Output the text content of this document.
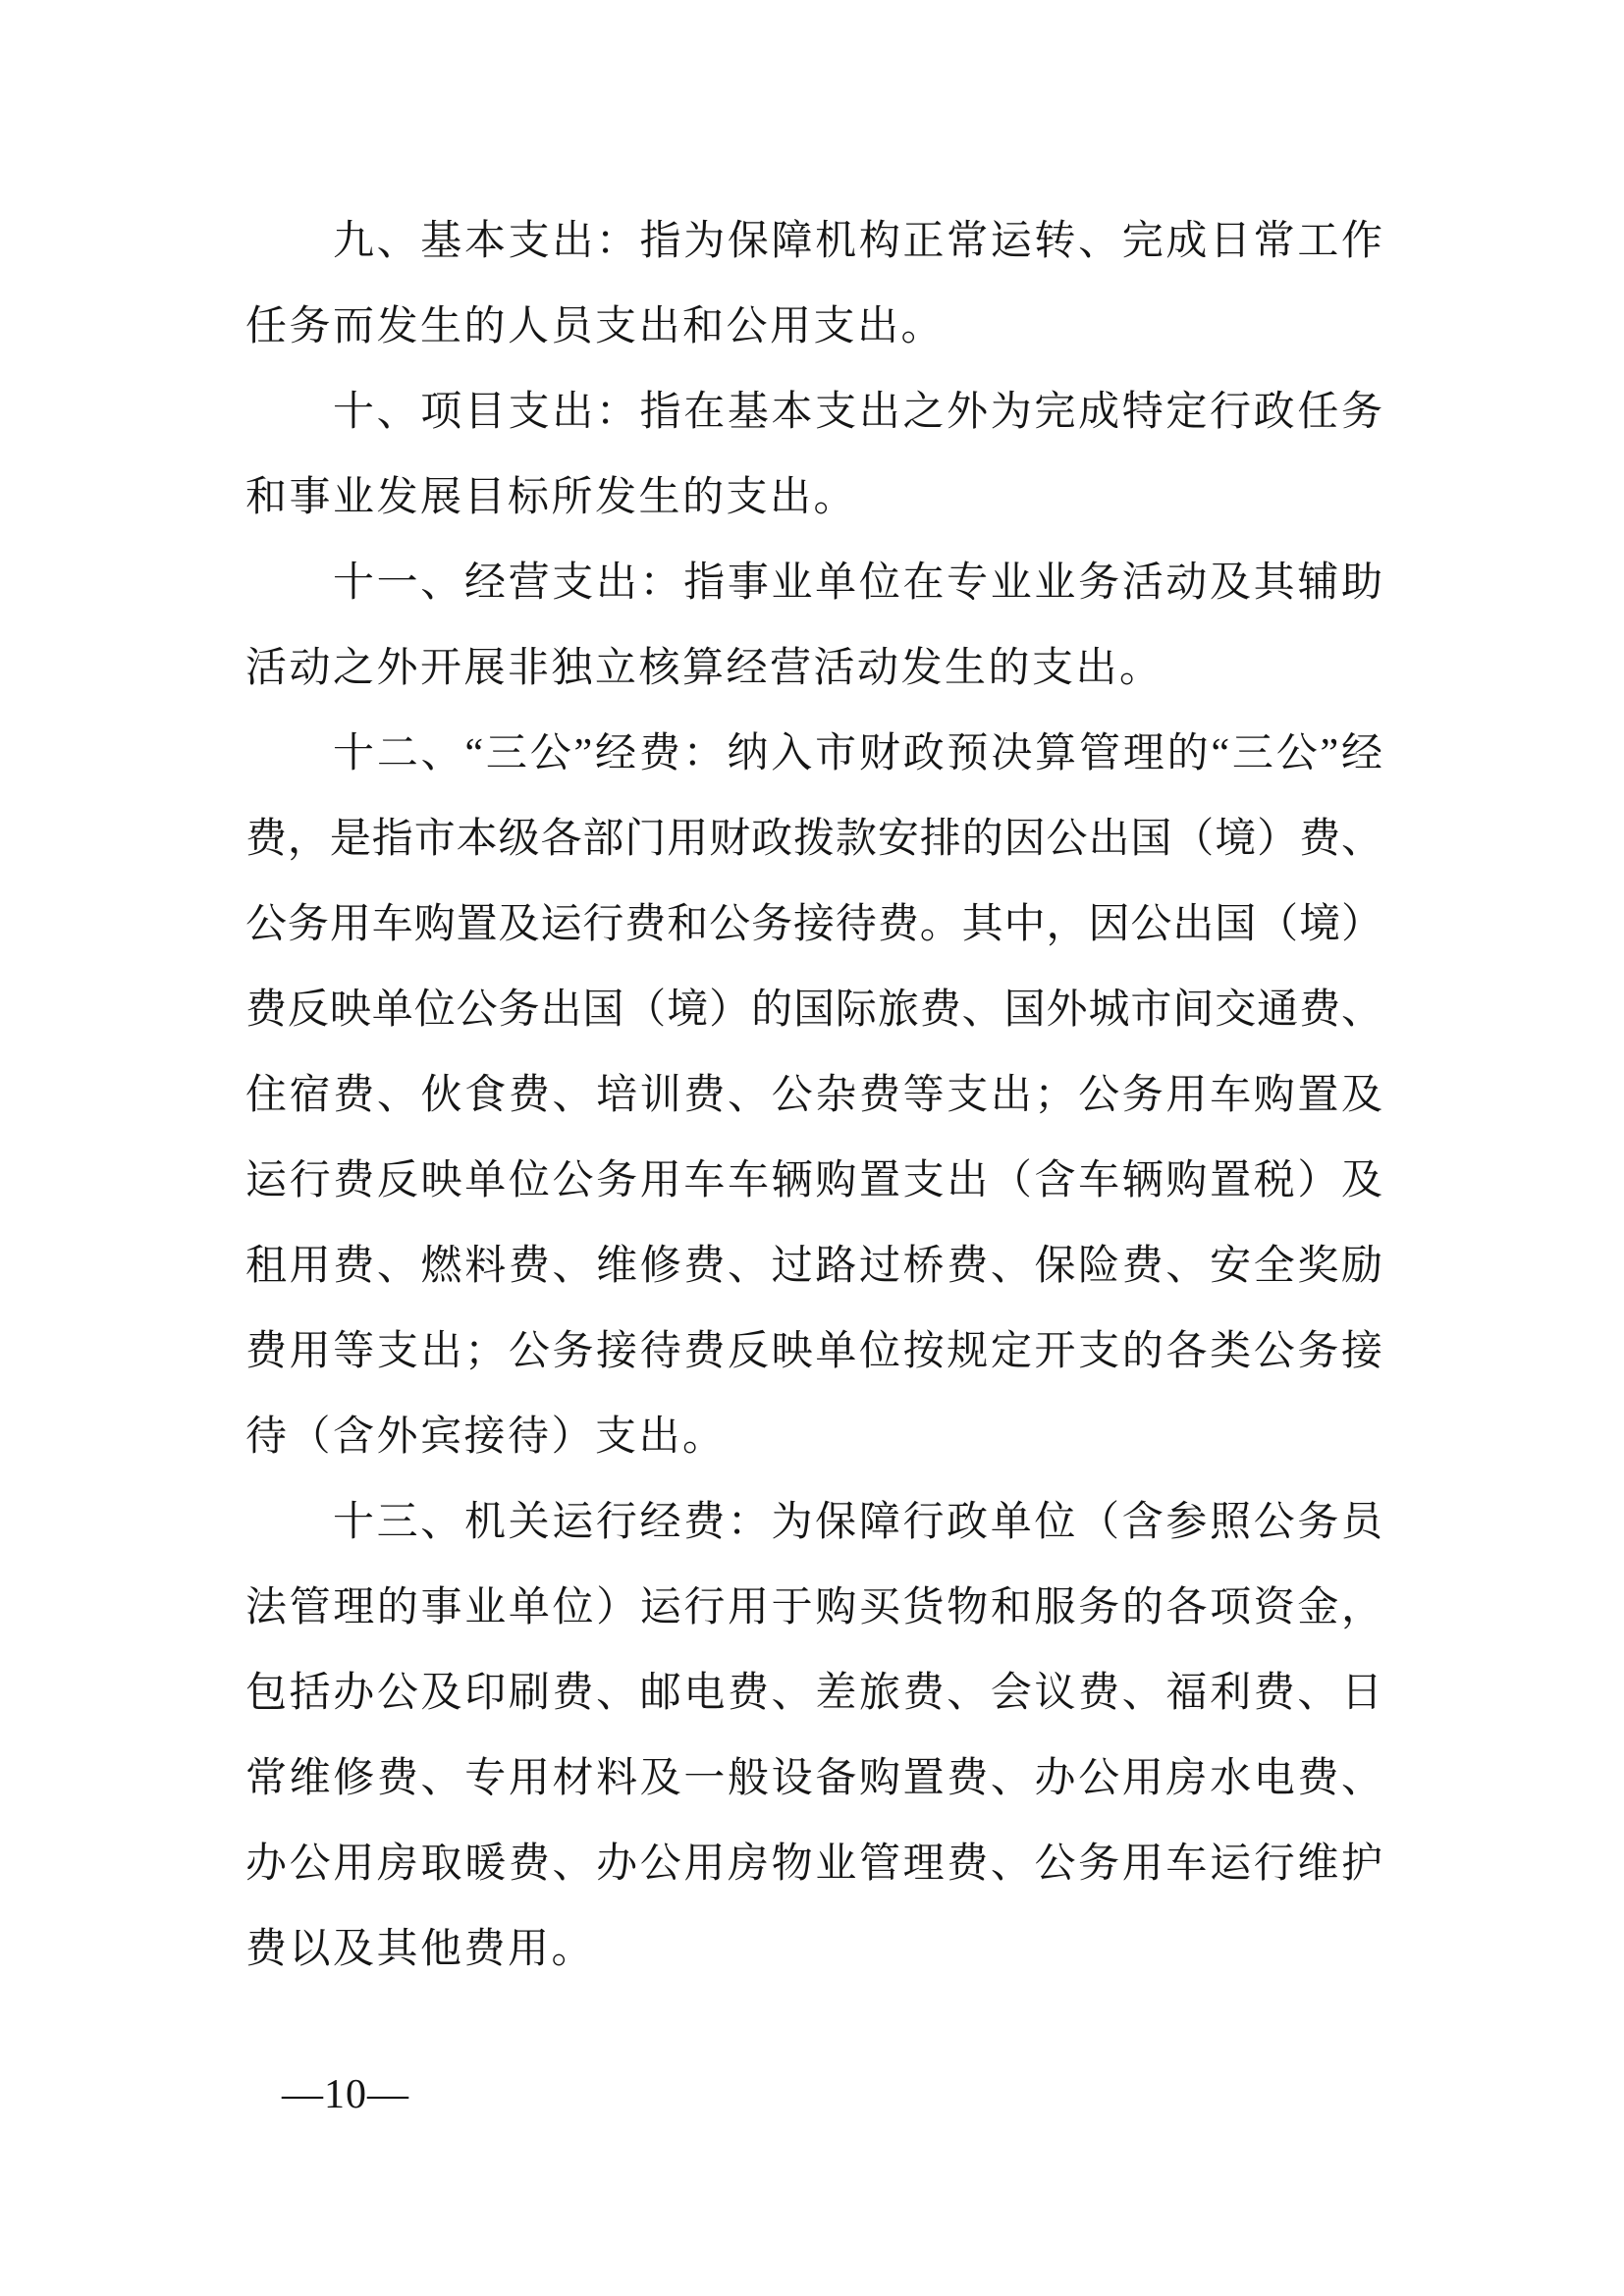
九、基本支出：指为保障机构正常运转、完成日常工作
任务而发生的人员支出和公用支出。
十、项目支出：指在基本支出之外为完成特定行政任务
和事业发展目标所发生的支出。
十一、经营支出：指事业单位在专业业务活动及其辅助
活动之外开展非独立核算经营活动发生的支出。
十二、“三公”经费：纳入市财政预决算管理的“三公”经
费，是指市本级各部门用财政拨款安排的因公出国（境）费、
公务用车购置及运行费和公务接待费。其中，因公出国（境）
费反映单位公务出国（境）的国际旅费、国外城市间交通费、
住宿费、伙食费、培训费、公杂费等支出；公务用车购置及
运行费反映单位公务用车车辆购置支出（含车辆购置税）及
租用费、燃料费、维修费、过路过桥费、保险费、安全奖励
费用等支出；公务接待费反映单位按规定开支的各类公务接
待（含外宾接待）支出。
十三、机关运行经费：为保障行政单位（含参照公务员
法管理的事业单位）运行用于购买货物和服务的各项资金，
包括办公及印刷费、邮电费、差旅费、会议费、福利费、日
常维修费、专用材料及一般设备购置费、办公用房水电费、
办公用房取暖费、办公用房物业管理费、公务用车运行维护
费以及其他费用。
—10—
